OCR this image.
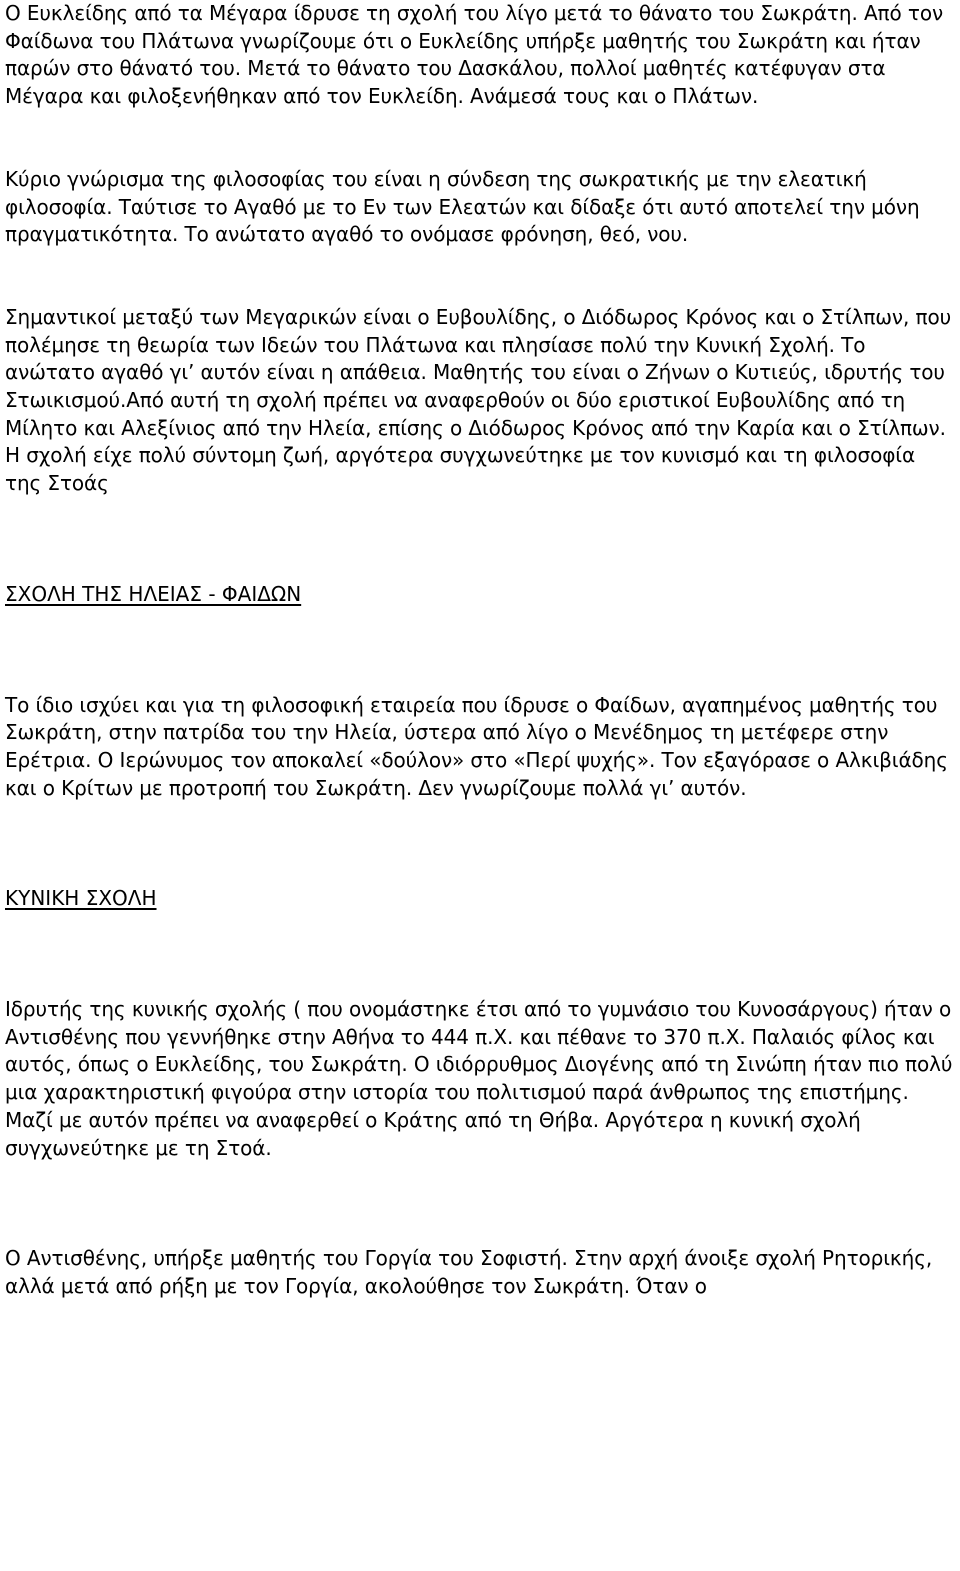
Ο Ευκλείδης από τα Μέγαρα ίδρυσε τη σχολή του λίγο μετά το θάνατο του Σωκράτη. Από τον Φαίδωνα του Πλάτωνα γνωρίζουμε ότι ο Ευκλείδης υπήρξε μαθητής του Σωκράτη και ήταν παρών στο θάνατό του. Μετά το θάνατο του Δασκάλου, πολλοί μαθητές κατέφυγαν στα Μέγαρα και φιλοξενήθηκαν από τον Ευκλείδη. Ανάμεσά τους και ο Πλάτων.

Κύριο γνώρισμα της φιλοσοφίας του είναι η σύνδεση της σωκρατικής με την ελεατική φιλοσοφία. Ταύτισε το Αγαθό με το Εν των Ελεατών και δίδαξε ότι αυτό αποτελεί την μόνη πραγματικότητα. Το ανώτατο αγαθό το ονόμασε φρόνηση, θεό, νου.

Σημαντικοί μεταξύ των Μεγαρικών είναι ο Ευβουλίδης, ο Διόδωρος Κρόνος και ο Στίλπων, που πολέμησε τη θεωρία των Ιδεών του Πλάτωνα και πλησίασε πολύ την Κυνική Σχολή. Το ανώτατο αγαθό γι’ αυτόν είναι η απάθεια. Μαθητής του είναι ο Ζήνων ο Κυτιεύς, ιδρυτής του Στωικισμού.Από αυτή τη σχολή πρέπει να αναφερθούν οι δύο εριστικοί Ευβουλίδης από τη Μίλητο και Αλεξίνιος από την Ηλεία, επίσης ο Διόδωρος Κρόνος από την Καρία και ο Στίλπων. Η σχολή είχε πολύ σύντομη ζωή, αργότερα συγχωνεύτηκε με τον κυνισμό και τη φιλοσοφία της Στοάς

ΣΧΟΛΗ ΤΗΣ ΗΛΕΙΑΣ - ΦΑΙΔΩΝ

Το ίδιο ισχύει και για τη φιλοσοφική εταιρεία που ίδρυσε ο Φαίδων, αγαπημένος μαθητής του Σωκράτη, στην πατρίδα του την Ηλεία, ύστερα από λίγο ο Μενέδημος τη μετέφερε στην Ερέτρια. Ο Ιερώνυμος τον αποκαλεί «δούλον» στο «Περί ψυχής». Τον εξαγόρασε ο Αλκιβιάδης και ο Κρίτων με προτροπή του Σωκράτη. Δεν γνωρίζουμε πολλά γι’ αυτόν.

ΚΥΝΙΚΗ ΣΧΟΛΗ

Ιδρυτής της κυνικής σχολής ( που ονομάστηκε έτσι από το γυμνάσιο του Κυνοσάργους) ήταν ο Αντισθένης που γεννήθηκε στην Αθήνα το 444 π.Χ. και πέθανε το 370 π.Χ. Παλαιός φίλος και αυτός, όπως ο Ευκλείδης, του Σωκράτη. Ο ιδιόρρυθμος Διογένης από τη Σινώπη ήταν πιο πολύ μια χαρακτηριστική φιγούρα στην ιστορία του πολιτισμού παρά άνθρωπος της επιστήμης. Μαζί με αυτόν πρέπει να αναφερθεί ο Κράτης από τη Θήβα. Αργότερα η κυνική σχολή συγχωνεύτηκε με τη Στοά.

Ο Αντισθένης, υπήρξε μαθητής του Γοργία του Σοφιστή. Στην αρχή άνοιξε σχολή Ρητορικής, αλλά μετά από ρήξη με τον Γοργία, ακολούθησε τον Σωκράτη. Όταν ο
